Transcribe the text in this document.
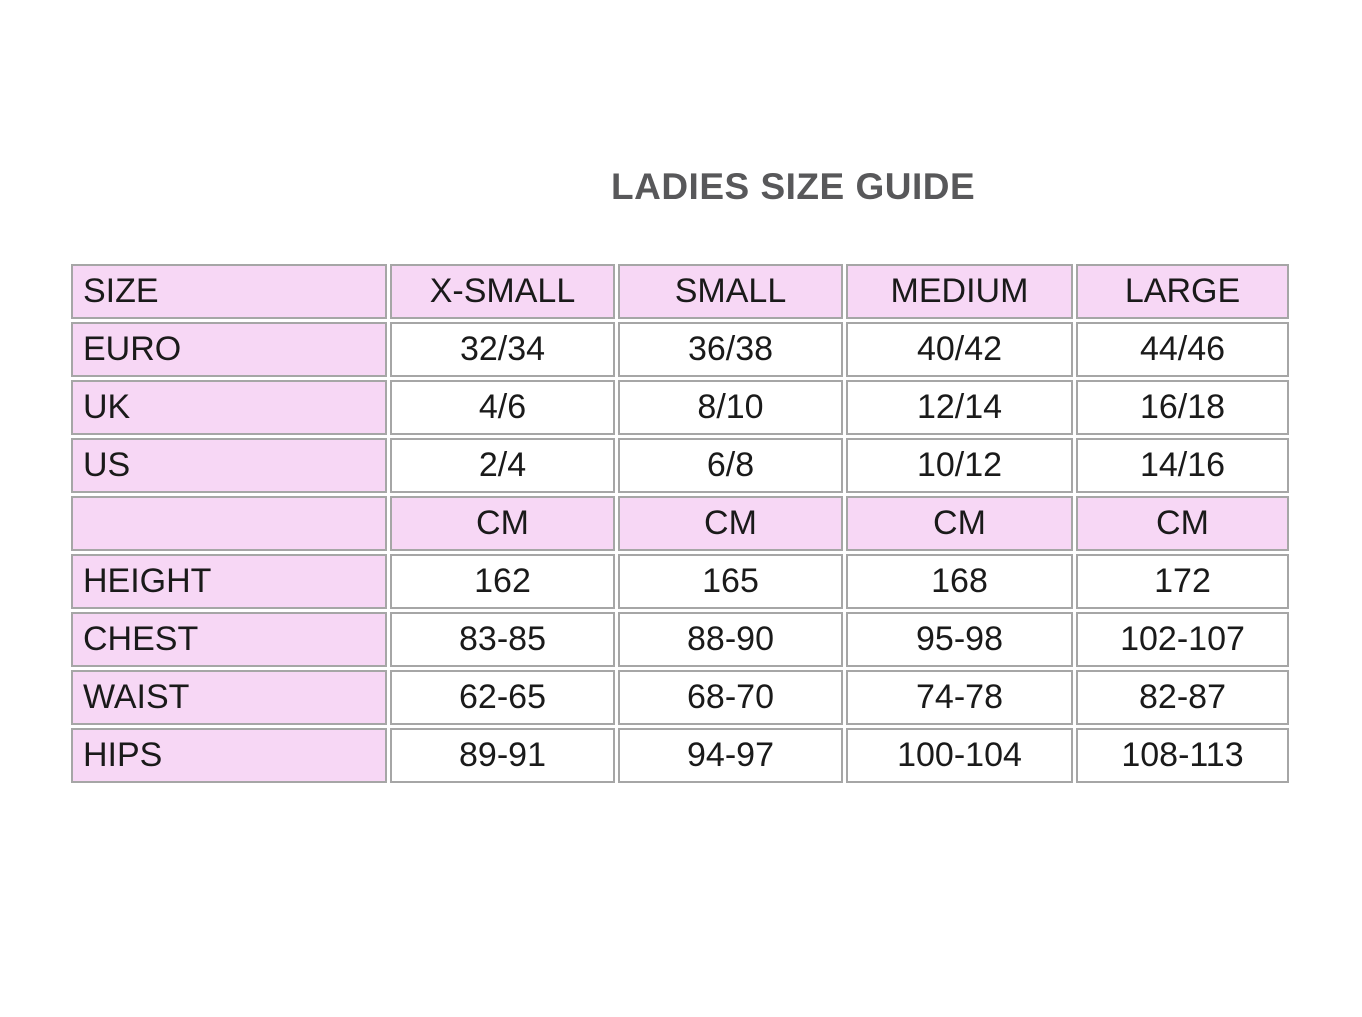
LADIES SIZE GUIDE
SIZE	X-SMALL	SMALL	MEDIUM	LARGE
EURO	32/34	36/38	40/42	44/46
UK	4/6	8/10	12/14	16/18
US	2/4	6/8	10/12	14/16
	CM	CM	CM	CM
HEIGHT	162	165	168	172
CHEST	83-85	88-90	95-98	102-107
WAIST	62-65	68-70	74-78	82-87
HIPS	89-91	94-97	100-104	108-113
